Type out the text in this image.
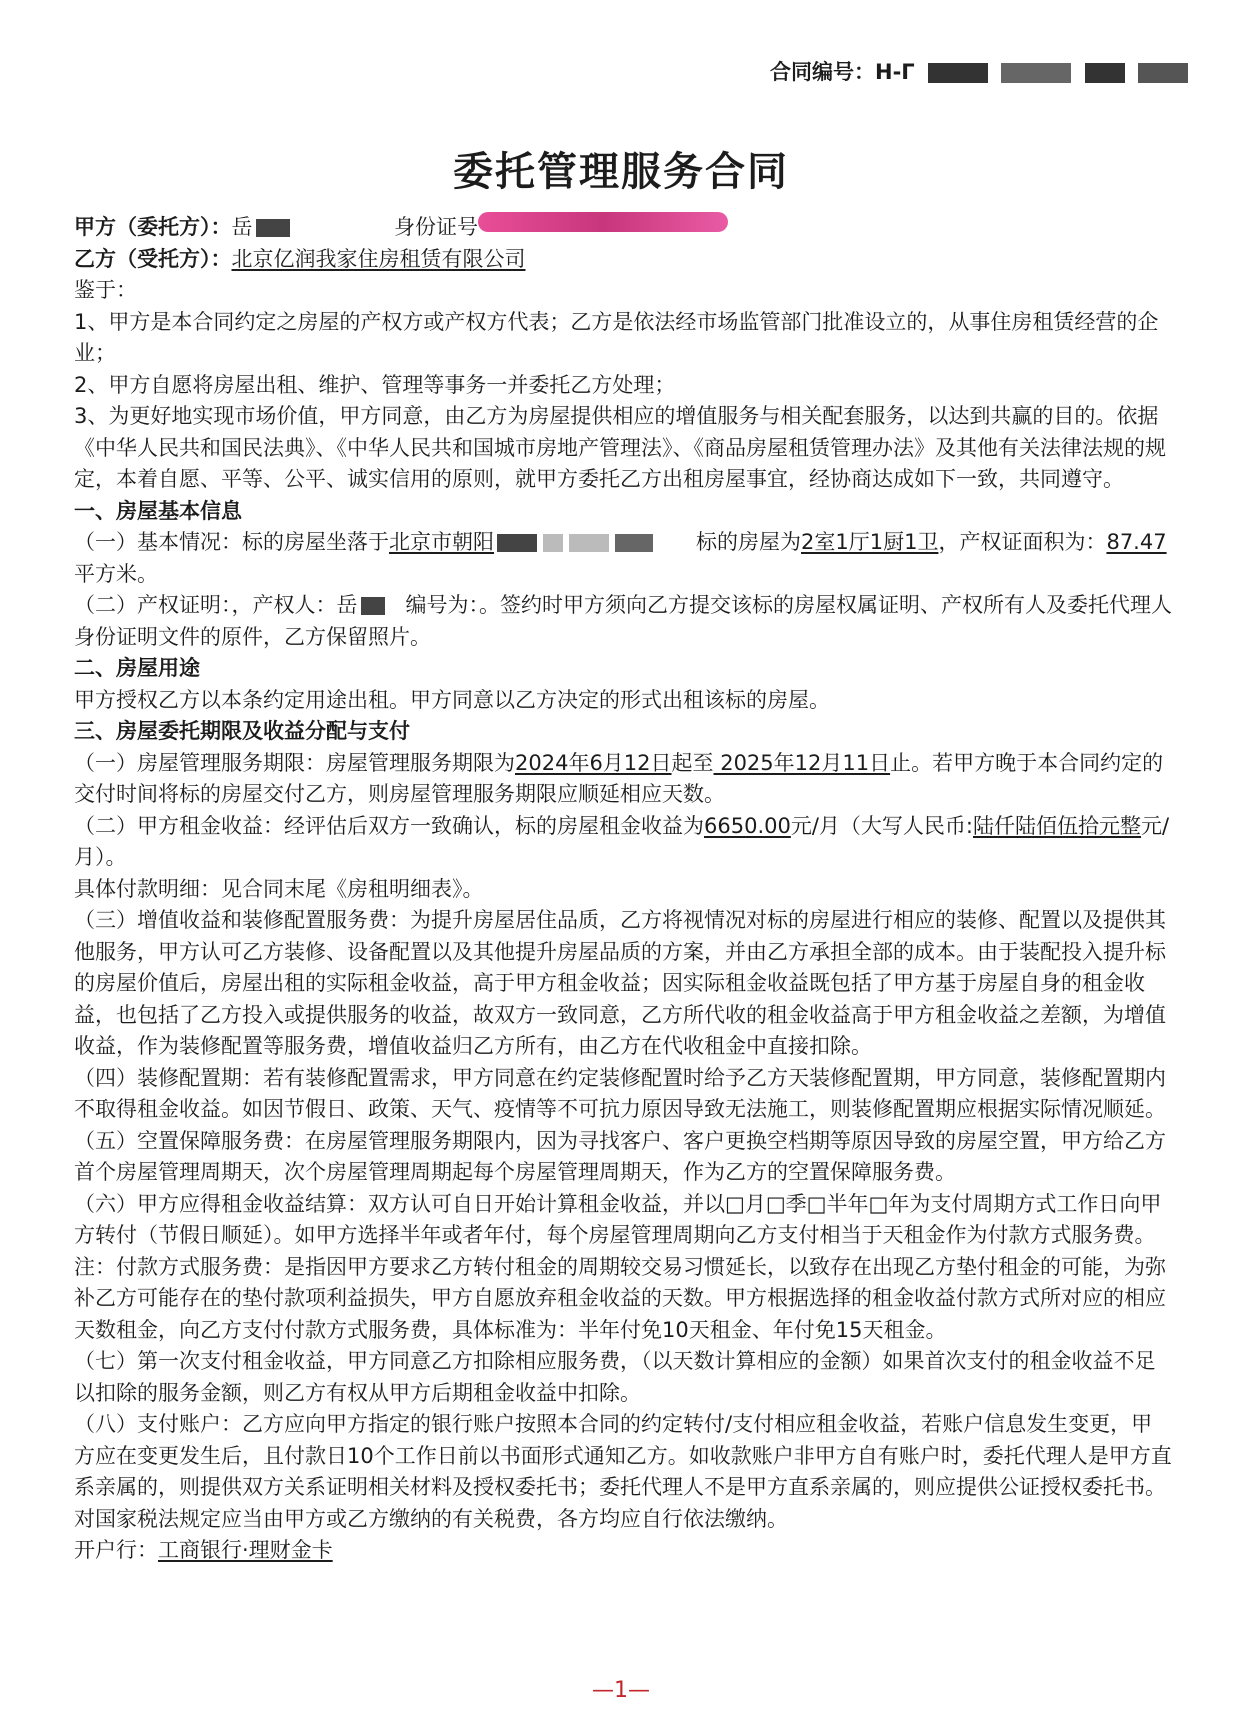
合同编号：H-Γ
委托管理服务合同
甲方（委托方）：岳	身份证号
乙方（受托方）： 北京亿润我家住房租赁有限公司

鉴于：

1、甲方是本合同约定之房屋的产权方或产权方代表；乙方是依法经市场监管部门批准设立的，从事住房租赁经营的企业；

2、甲方自愿将房屋出租、维护、管理等事务一并委托乙方处理；

3、为更好地实现市场价值，甲方同意，由乙方为房屋提供相应的增值服务与相关配套服务，以达到共赢的目的。依据《中华人民共和国民法典》、《中华人民共和国城市房地产管理法》、《商品房屋租赁管理办法》及其他有关法律法规的规定，本着自愿、平等、公平、诚实信用的原则，就甲方委托乙方出租房屋事宜，经协商达成如下一致，共同遵守。

一、房屋基本信息

（一）基本情况：标的房屋坐落于北京市朝阳	标的房屋为2室1厅1厨1卫，产权证面积为：87.47平方米。

（二）产权证明：，产权人：岳 编号为：。签约时甲方须向乙方提交该标的房屋权属证明、产权所有人及委托代理人身份证明文件的原件，乙方保留照片。

二、房屋用途

甲方授权乙方以本条约定用途出租。甲方同意以乙方决定的形式出租该标的房屋。

三、房屋委托期限及收益分配与支付

（一）房屋管理服务期限：房屋管理服务期限为2024年6月12日起至 2025年12月11日止。若甲方晚于本合同约定的交付时间将标的房屋交付乙方，则房屋管理服务期限应顺延相应天数。

（二）甲方租金收益：经评估后双方一致确认，标的房屋租金收益为6650.00元/月（大写人民币:陆仟陆佰伍拾元整元/月）。

具体付款明细：见合同末尾《房租明细表》。

（三）增值收益和装修配置服务费：为提升房屋居住品质，乙方将视情况对标的房屋进行相应的装修、配置以及提供其他服务，甲方认可乙方装修、设备配置以及其他提升房屋品质的方案，并由乙方承担全部的成本。由于装配投入提升标的房屋价值后，房屋出租的实际租金收益，高于甲方租金收益；因实际租金收益既包括了甲方基于房屋自身的租金收益，也包括了乙方投入或提供服务的收益，故双方一致同意，乙方所代收的租金收益高于甲方租金收益之差额，为增值收益，作为装修配置等服务费，增值收益归乙方所有，由乙方在代收租金中直接扣除。

（四）装修配置期：若有装修配置需求，甲方同意在约定装修配置时给予乙方天装修配置期，甲方同意，装修配置期内不取得租金收益。如因节假日、政策、天气、疫情等不可抗力原因导致无法施工，则装修配置期应根据实际情况顺延。

（五）空置保障服务费：在房屋管理服务期限内，因为寻找客户、客户更换空档期等原因导致的房屋空置，甲方给乙方首个房屋管理周期天，次个房屋管理周期起每个房屋管理周期天，作为乙方的空置保障服务费。

（六）甲方应得租金收益结算：双方认可自日开始计算租金收益，并以□月□季□半年□年为支付周期方式工作日向甲方转付（节假日顺延）。如甲方选择半年或者年付，每个房屋管理周期向乙方支付相当于天租金作为付款方式服务费。

注：付款方式服务费：是指因甲方要求乙方转付租金的周期较交易习惯延长，以致存在出现乙方垫付租金的可能，为弥补乙方可能存在的垫付款项利益损失，甲方自愿放弃租金收益的天数。甲方根据选择的租金收益付款方式所对应的相应天数租金，向乙方支付付款方式服务费，具体标准为：半年付免10天租金、年付免15天租金。

（七）第一次支付租金收益，甲方同意乙方扣除相应服务费，（以天数计算相应的金额）如果首次支付的租金收益不足以扣除的服务金额，则乙方有权从甲方后期租金收益中扣除。

（八）支付账户：乙方应向甲方指定的银行账户按照本合同的约定转付/支付相应租金收益，若账户信息发生变更，甲方应在变更发生后，且付款日10个工作日前以书面形式通知乙方。如收款账户非甲方自有账户时，委托代理人是甲方直系亲属的，则提供双方关系证明相关材料及授权委托书；委托代理人不是甲方直系亲属的，则应提供公证授权委托书。对国家税法规定应当由甲方或乙方缴纳的有关税费，各方均应自行依法缴纳。

开户行：工商银行·理财金卡

—1—
